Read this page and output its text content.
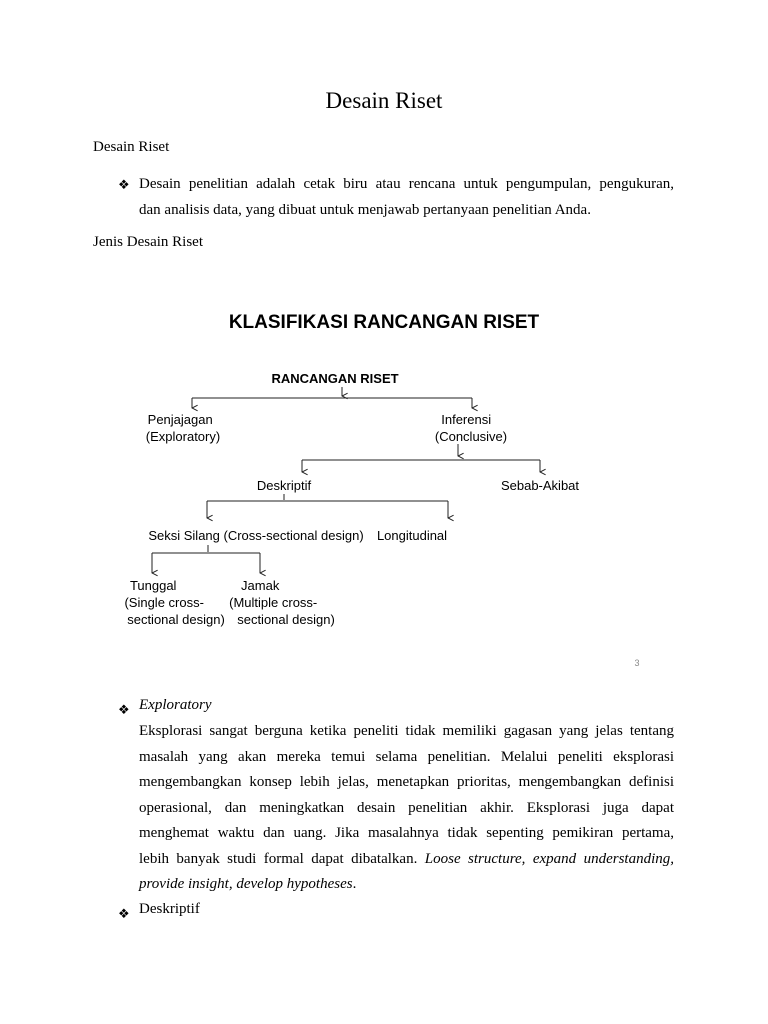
Desain Riset
Desain Riset
❖ Desain penelitian adalah cetak biru atau rencana untuk pengumpulan, pengukuran,

dan analisis data, yang dibuat untuk menjawab pertanyaan penelitian Anda.

Jenis Desain Riset
KLASIFIKASI RANCANGAN RISET
RANCANGAN RISET
Penjajagan (Exploratory)
Inferensi (Conclusive)
Deskriptif	Sebab-Akibat
Seksi Silang (Cross-sectional design) Longitudinal
Tunggal (Single cross- sectional design)
Jamak (Multiple cross- sectional design)
3
❖ Exploratory

Eksplorasi sangat berguna ketika peneliti tidak memiliki gagasan yang jelas tentang

masalah yang akan mereka temui selama penelitian. Melalui peneliti eksplorasi

mengembangkan konsep lebih jelas, menetapkan prioritas, mengembangkan definisi

operasional, dan meningkatkan desain penelitian akhir. Eksplorasi juga dapat

menghemat waktu dan uang. Jika masalahnya tidak sepenting pemikiran pertama,

lebih banyak studi formal dapat dibatalkan. Loose structure, expand understanding,

provide insight, develop hypotheses.

❖ Deskriptif
